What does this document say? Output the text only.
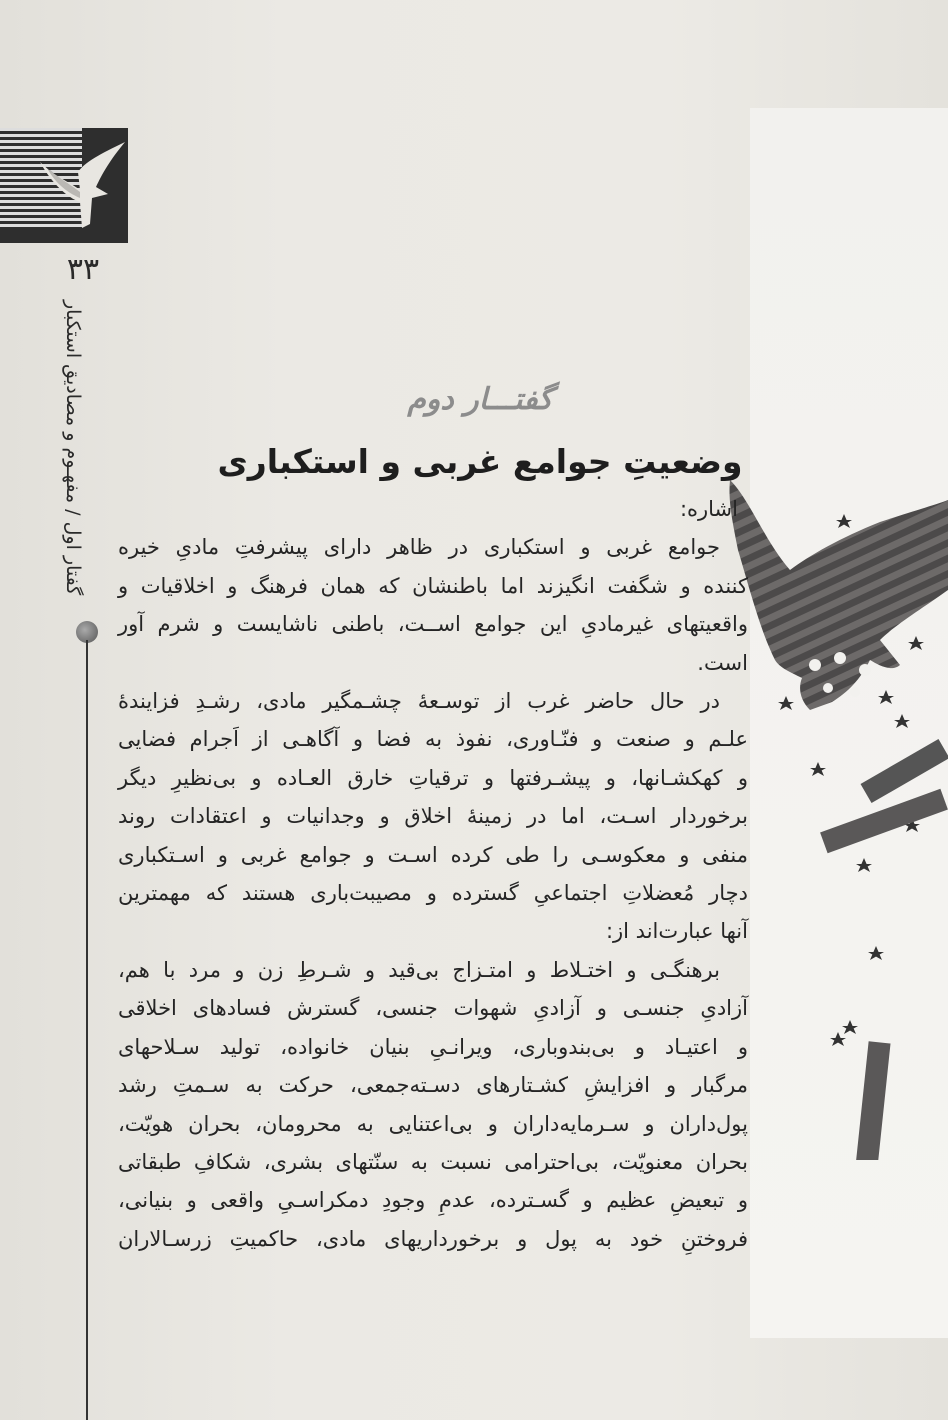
۳۳
گفتار اول / مفهـوم و مصادیق استکبار	گفتـــار دوم
وضعیتِ جوامع غربی و استکباری

اشاره:

جوامع غربی و استکباری در ظاهر دارای پیشرفتِ مادیِ خیره

کننده و شگفت انگیزند اما باطنشان که همان فرهنگ و اخلاقیات و

واقعیتهای غیرمادیِ این جوامع اســت، باطنی ناشایست و شرم آور

است.

در حال حاضر غرب از توسـعهٔ چشـمگیر مادی، رشـدِ فزایندهٔ

علـم و صنعت و فنّـاوری، نفوذ به فضا و آگاهـی از اَجرام فضایی

و کهکشـانها، و پیشـرفتها و ترقیاتِ خارق العـاده و بی‌نظیرِ دیگر

برخوردار اسـت، اما در زمینهٔ اخلاق و وجدانیات و اعتقادات روند

منفی و معکوسـی را طی کرده اسـت و جوامع غربی و اسـتکباری

دچار مُعضلاتِ اجتماعیِ گسترده و مصیبت‌باری هستند که مهمترین

آنها عبارت‌اند از:

برهنگـی و اختـلاط و امتـزاج بی‌قید و شـرطِ زن و مرد با هم،

آزادیِ جنسـی و آزادیِ شهوات جنسی، گسترش فسادهای اخلاقی

و اعتیـاد و بی‌بندوباری، ویرانـیِ بنیان خانواده، تولید سـلاحهای

مرگبار و افزایشِ کشـتارهای دسـته‌جمعی، حرکت به سـمتِ رشد

پول‌داران و سـرمایه‌داران و بی‌اعتنایی به محرومان، بحران هویّت،

بحران معنویّت، بی‌احترامی نسبت به سنّتهای بشری، شکافِ طبقاتی

و تبعیضِ عظیم و گسـترده، عدمِ وجودِ دمکراسـیِ واقعی و بنیانی،

فروختنِ خود به پول و برخورداریهای مادی، حاکمیتِ زرسـالاران
